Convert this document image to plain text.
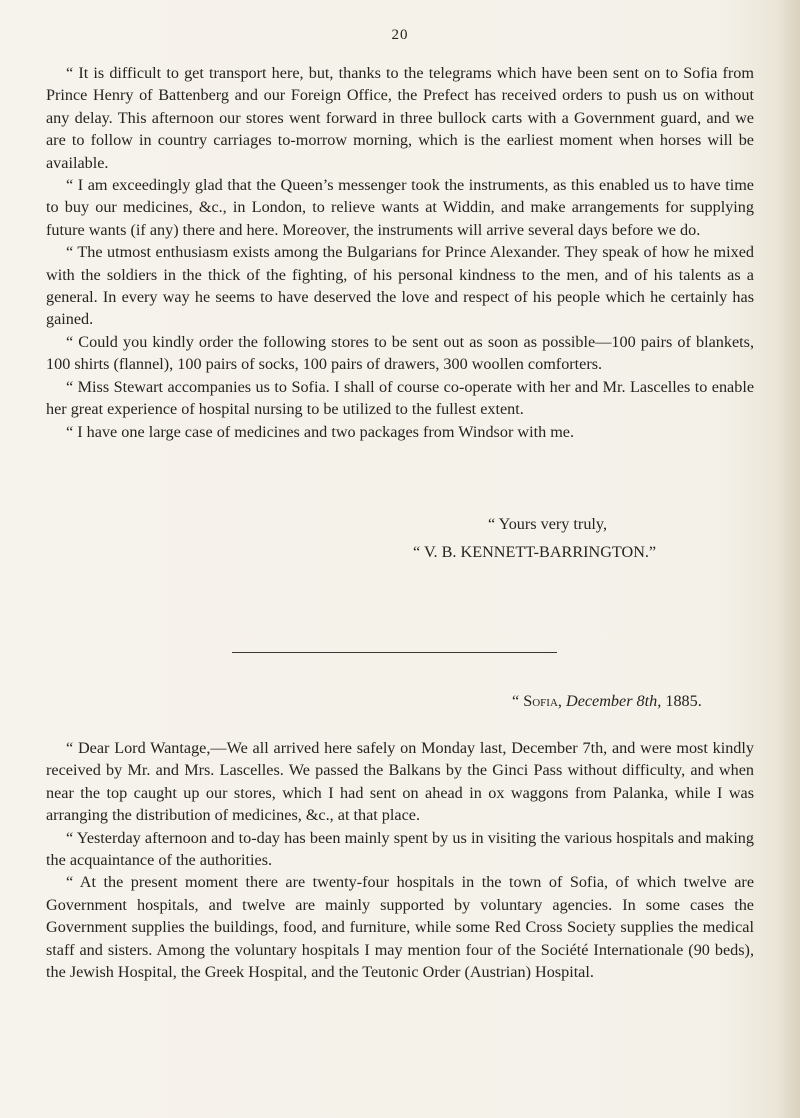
20

“ It is difficult to get transport here, but, thanks to the telegrams which have been sent on to Sofia from Prince Henry of Battenberg and our Foreign Office, the Prefect has received orders to push us on without any delay. This afternoon our stores went forward in three bullock carts with a Government guard, and we are to follow in country carriages to-morrow morning, which is the earliest moment when horses will be available.

“ I am exceedingly glad that the Queen’s messenger took the instruments, as this enabled us to have time to buy our medicines, &c., in London, to relieve wants at Widdin, and make arrangements for supplying future wants (if any) there and here. Moreover, the instruments will arrive several days before we do.

“ The utmost enthusiasm exists among the Bulgarians for Prince Alexander. They speak of how he mixed with the soldiers in the thick of the fighting, of his personal kindness to the men, and of his talents as a general. In every way he seems to have deserved the love and respect of his people which he certainly has gained.

“ Could you kindly order the following stores to be sent out as soon as possible—100 pairs of blankets, 100 shirts (flannel), 100 pairs of socks, 100 pairs of drawers, 300 woollen comforters.

“ Miss Stewart accompanies us to Sofia. I shall of course co-operate with her and Mr. Lascelles to enable her great experience of hospital nursing to be utilized to the fullest extent.

“ I have one large case of medicines and two packages from Windsor with me.

“ Yours very truly,
“ V. B. KENNETT-BARRINGTON.”
“ Sofia, December 8th, 1885.

“ Dear Lord Wantage,—We all arrived here safely on Monday last, December 7th, and were most kindly received by Mr. and Mrs. Lascelles. We passed the Balkans by the Ginci Pass without difficulty, and when near the top caught up our stores, which I had sent on ahead in ox waggons from Palanka, while I was arranging the distribution of medicines, &c., at that place.

“ Yesterday afternoon and to-day has been mainly spent by us in visiting the various hospitals and making the acquaintance of the authorities.

“ At the present moment there are twenty-four hospitals in the town of Sofia, of which twelve are Government hospitals, and twelve are mainly supported by voluntary agencies. In some cases the Government supplies the buildings, food, and furniture, while some Red Cross Society supplies the medical staff and sisters. Among the voluntary hospitals I may mention four of the Société Internationale (90 beds), the Jewish Hospital, the Greek Hospital, and the Teutonic Order (Austrian) Hospital.
